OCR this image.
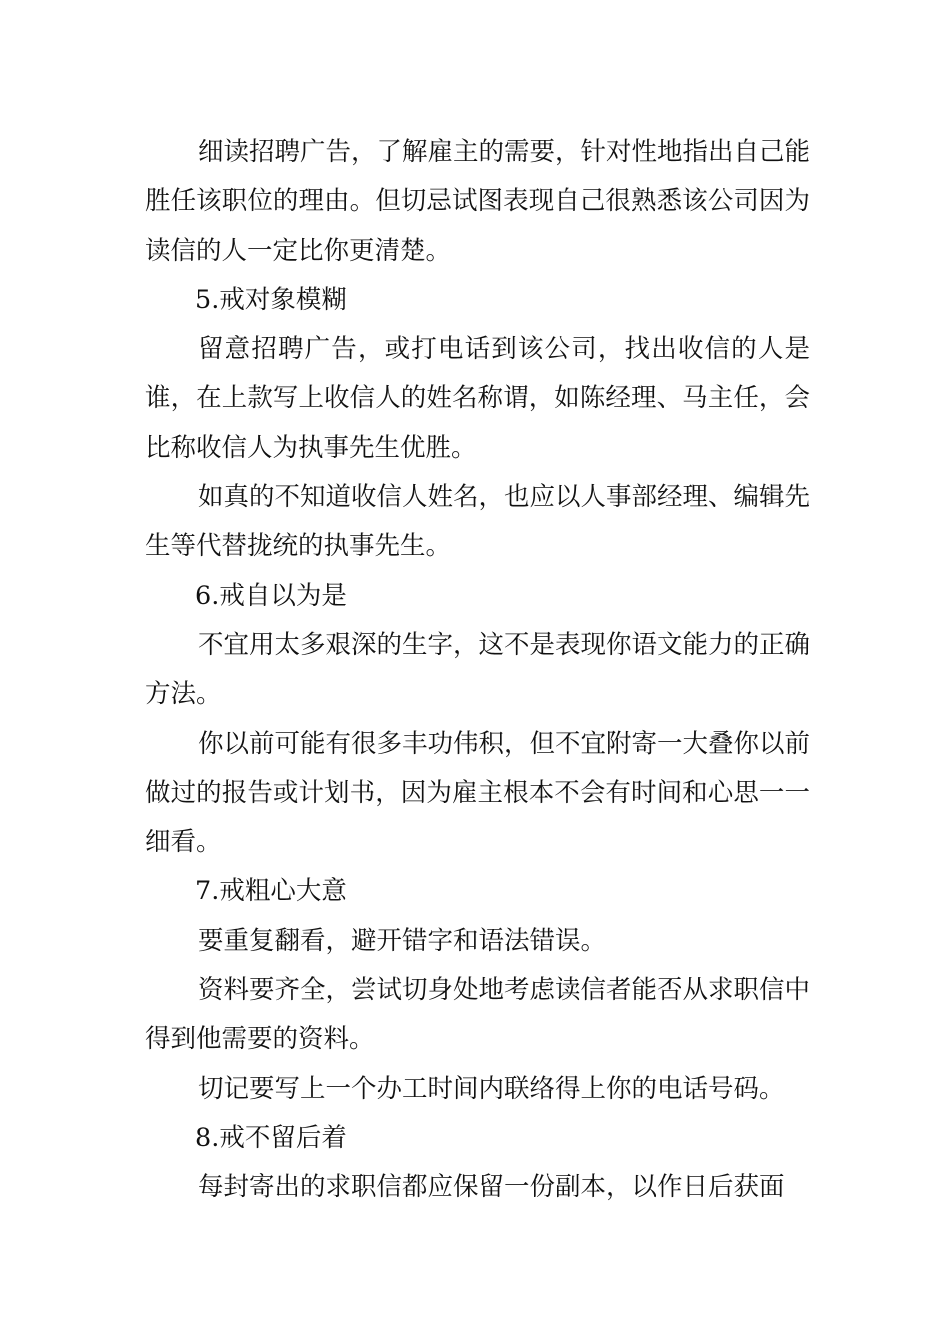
细读招聘广告，了解雇主的需要，针对性地指出自己能胜任该职位的理由。但切忌试图表现自己很熟悉该公司因为读信的人一定比你更清楚。

5.戒对象模糊

留意招聘广告，或打电话到该公司，找出收信的人是谁，在上款写上收信人的姓名称谓，如陈经理、马主任，会比称收信人为执事先生优胜。

如真的不知道收信人姓名，也应以人事部经理、编辑先生等代替拢统的执事先生。

6.戒自以为是

不宜用太多艰深的生字，这不是表现你语文能力的正确方法。

你以前可能有很多丰功伟积，但不宜附寄一大叠你以前做过的报告或计划书，因为雇主根本不会有时间和心思一一细看。

7.戒粗心大意

要重复翻看，避开错字和语法错误。

资料要齐全，尝试切身处地考虑读信者能否从求职信中得到他需要的资料。

切记要写上一个办工时间内联络得上你的电话号码。

8.戒不留后着

每封寄出的求职信都应保留一份副本，以作日后获面
